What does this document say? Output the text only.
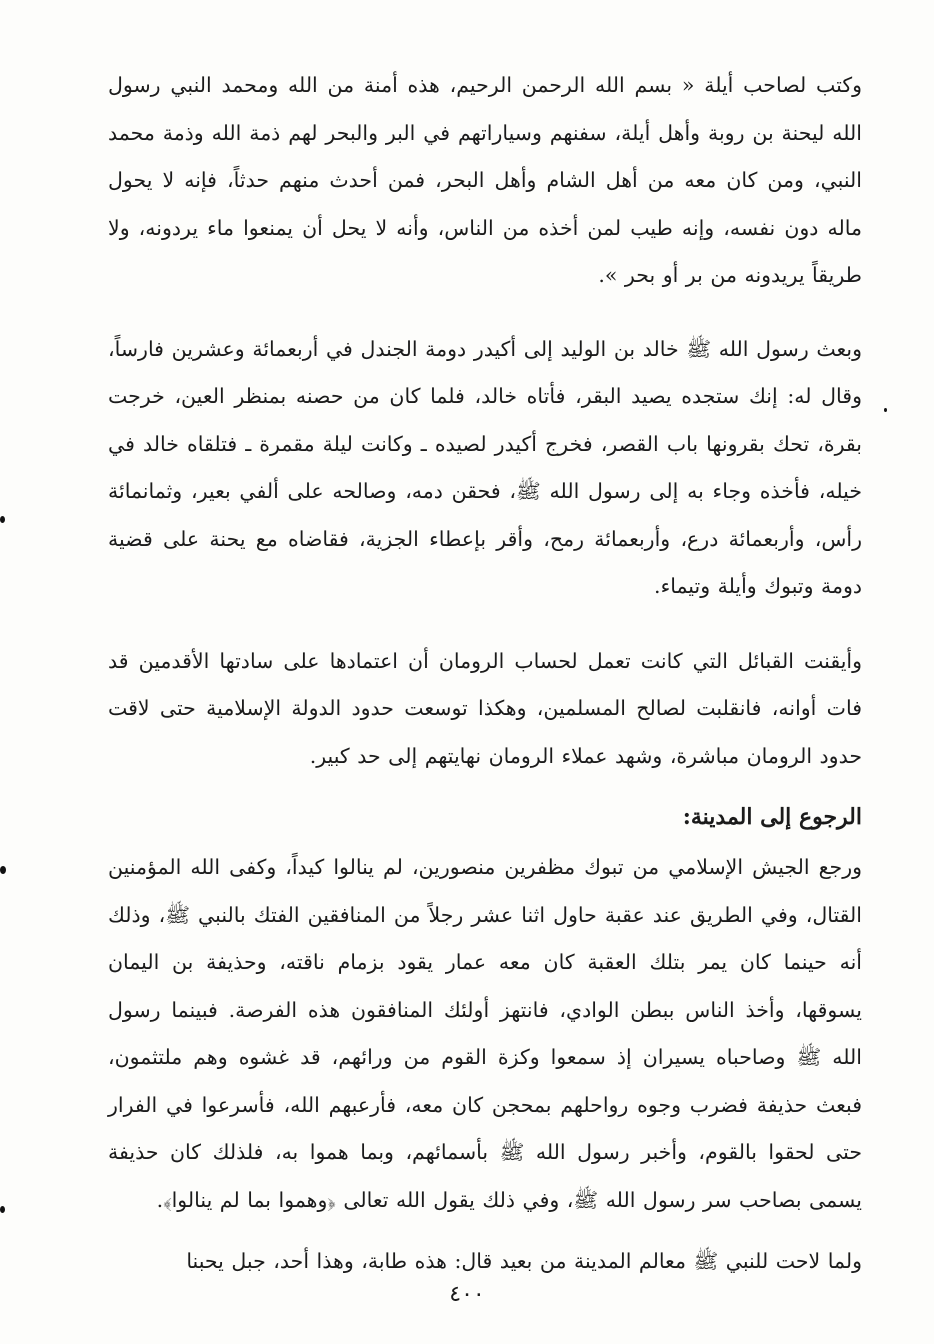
وكتب لصاحب أيلة « بسم الله الرحمن الرحيم، هذه أمنة من الله ومحمد النبي رسول الله ليحنة بن روبة وأهل أيلة، سفنهم وسياراتهم في البر والبحر لهم ذمة الله وذمة محمد النبي، ومن كان معه من أهل الشام وأهل البحر، فمن أحدث منهم حدثاً، فإنه لا يحول ماله دون نفسه، وإنه طيب لمن أخذه من الناس، وأنه لا يحل أن يمنعوا ماء يردونه، ولا طريقاً يريدونه من بر أو بحر ».

وبعث رسول الله ﷺ خالد بن الوليد إلى أكيدر دومة الجندل في أربعمائة وعشرين فارساً، وقال له: إنك ستجده يصيد البقر، فأتاه خالد، فلما كان من حصنه بمنظر العين، خرجت بقرة، تحك بقرونها باب القصر، فخرج أكيدر لصيده ـ وكانت ليلة مقمرة ـ فتلقاه خالد في خيله، فأخذه وجاء به إلى رسول الله ﷺ، فحقن دمه، وصالحه على ألفي بعير، وثمانمائة رأس، وأربعمائة درع، وأربعمائة رمح، وأقر بإعطاء الجزية، فقاضاه مع يحنة على قضية دومة وتبوك وأيلة وتيماء.

وأيقنت القبائل التي كانت تعمل لحساب الرومان أن اعتمادها على سادتها الأقدمين قد فات أوانه، فانقلبت لصالح المسلمين، وهكذا توسعت حدود الدولة الإسلامية حتى لاقت حدود الرومان مباشرة، وشهد عملاء الرومان نهايتهم إلى حد كبير.

الرجوع إلى المدينة:

ورجع الجيش الإسلامي من تبوك مظفرين منصورين، لم ينالوا كيداً، وكفى الله المؤمنين القتال، وفي الطريق عند عقبة حاول اثنا عشر رجلاً من المنافقين الفتك بالنبي ﷺ، وذلك أنه حينما كان يمر بتلك العقبة كان معه عمار يقود بزمام ناقته، وحذيفة بن اليمان يسوقها، وأخذ الناس ببطن الوادي، فانتهز أولئك المنافقون هذه الفرصة. فبينما رسول الله ﷺ وصاحباه يسيران إذ سمعوا وكزة القوم من ورائهم، قد غشوه وهم ملتثمون، فبعث حذيفة فضرب وجوه رواحلهم بمحجن كان معه، فأرعبهم الله، فأسرعوا في الفرار حتى لحقوا بالقوم، وأخبر رسول الله ﷺ بأسمائهم، وبما هموا به، فلذلك كان حذيفة يسمى بصاحب سر رسول الله ﷺ، وفي ذلك يقول الله تعالى ﴿وهموا بما لم ينالوا﴾.

ولما لاحت للنبي ﷺ معالم المدينة من بعيد قال: هذه طابة، وهذا أحد، جبل يحبنا

٤٠٠
